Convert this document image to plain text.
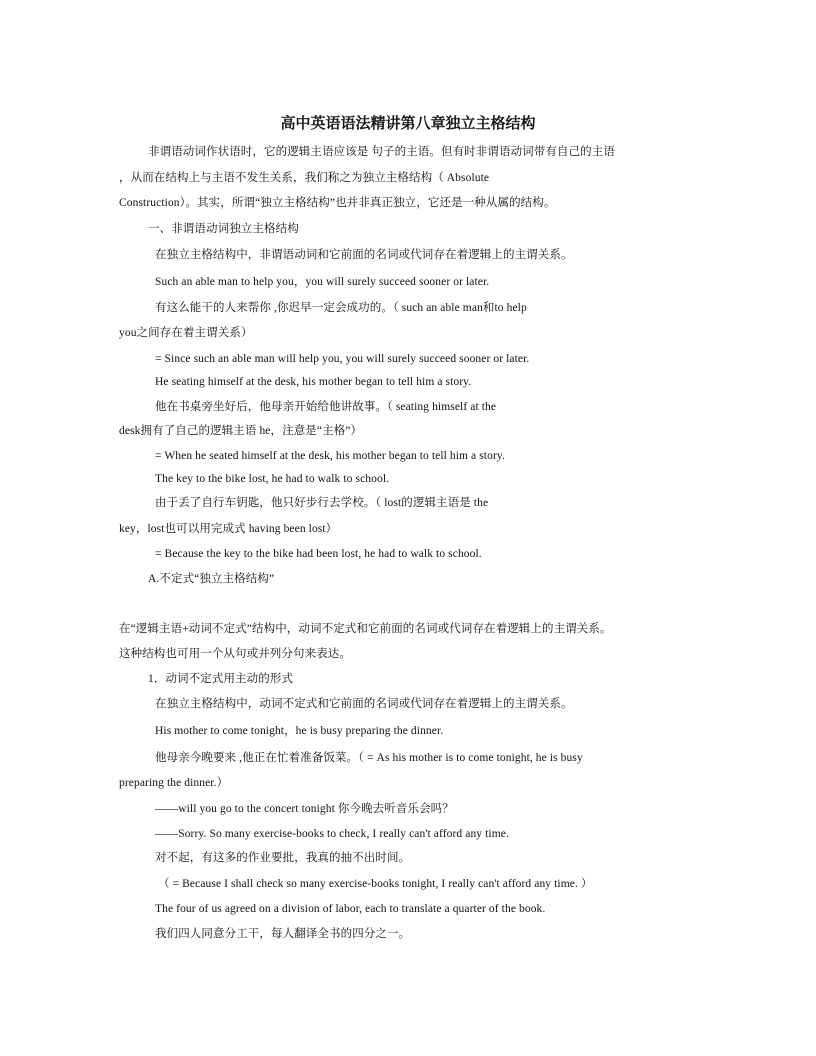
高中英语语法精讲第八章独立主格结构
非谓语动词作状语时，它的逻辑主语应该是 句子的主语。但有时非谓语动词带有自己的主语
，从而在结构上与主语不发生关系，我们称之为独立主格结构（ Absolute
Construction）。其实，所谓“独立主格结构”也并非真正独立，它还是一种从属的结构。
一、非谓语动词独立主格结构
在独立主格结构中，非谓语动词和它前面的名词或代词存在着逻辑上的主谓关系。
Such an able man to help you，you will surely succeed sooner or later.
有这么能干的人来帮你 ,你迟早一定会成功的。（ such an able man和to help
you之间存在着主谓关系）
= Since such an able man will help you, you will surely succeed sooner or later.
He seating himself at the desk, his mother began to tell him a story.
他在书桌旁坐好后，他母亲开始给他讲故事。（ seating himself at the
desk拥有了自己的逻辑主语 he，注意是“主格”）
= When he seated himself at the desk, his mother began to tell him a story.
The key to the bike lost, he had to walk to school.
由于丢了自行车钥匙，他只好步行去学校。（ lost的逻辑主语是 the
key，lost也可以用完成式 having been lost）
= Because the key to the bike had been lost, he had to walk to school.
A.不定式“独立主格结构”
在“逻辑主语+动词不定式”结构中，动词不定式和它前面的名词或代词存在着逻辑上的主谓关系。
这种结构也可用一个从句或并列分句来表达。
1．动词不定式用主动的形式
在独立主格结构中，动词不定式和它前面的名词或代词存在着逻辑上的主谓关系。
His mother to come tonight，he is busy preparing the dinner.
他母亲今晚要来 ,他正在忙着准备饭菜。（ = As his mother is to come tonight, he is busy
preparing the dinner.）
——will you go to the concert tonight 你今晚去听音乐会吗？
——Sorry. So many exercise-books to check, I really can't afford any time.
对不起，有这多的作业要批，我真的抽不出时间。
（ = Because I shall check so many exercise-books tonight, I really can't afford any time. ）
The four of us agreed on a division of labor, each to translate a quarter of the book.
我们四人同意分工干，每人翻译全书的四分之一。
